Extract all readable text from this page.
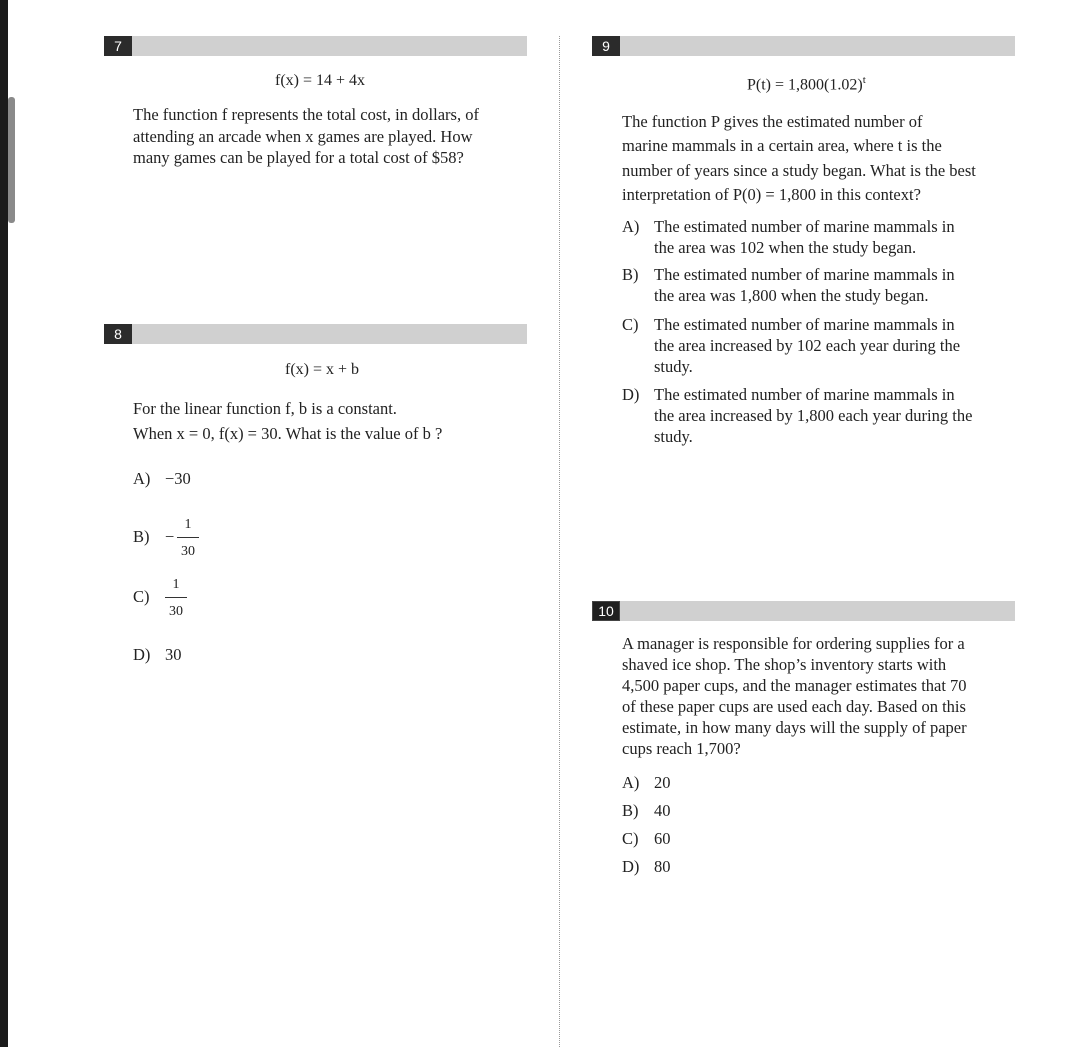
7
f(x) = 14 + 4x
The function f represents the total cost, in dollars, of
attending an arcade when x games are played. How
many games can be played for a total cost of $58?
8
f(x) = x + b
For the linear function f, b is a constant.
When x = 0, f(x) = 30. What is the value of b ?
A) −30
B) −
1
30
C)
1
30
D) 30
9
$P(t) = 1,800(1.02)^t$
The function P gives the estimated number of
marine mammals in a certain area, where t is the
number of years since a study began. What is the best
interpretation of P(0) = 1,800 in this context?
A) The estimated number of marine mammals in
the area was 102 when the study began.
B) The estimated number of marine mammals in
the area was 1,800 when the study began.
C) The estimated number of marine mammals in
the area increased by 102 each year during the
study.
D) The estimated number of marine mammals in
the area increased by 1,800 each year during the
study.
10
A manager is responsible for ordering supplies for a
shaved ice shop. The shop’s inventory starts with
4,500 paper cups, and the manager estimates that 70
of these paper cups are used each day. Based on this
estimate, in how many days will the supply of paper
cups reach 1,700?
A) 20
B) 40
C) 60
D) 80
